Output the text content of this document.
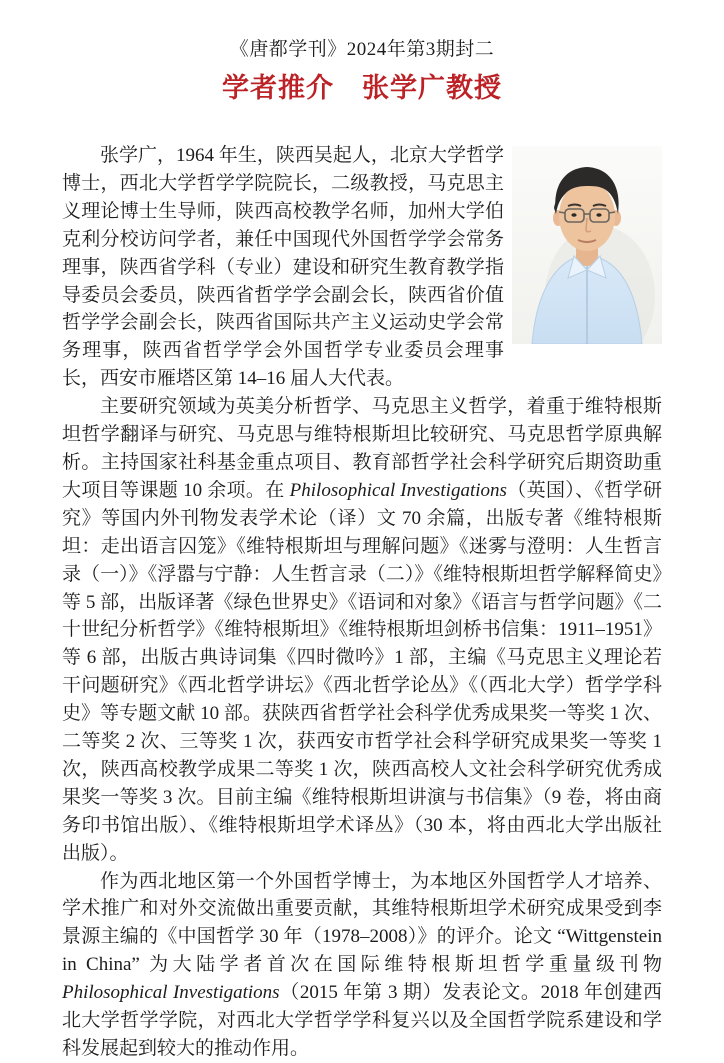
《唐都学刊》2024年第3期封二
学者推介　张学广教授

张学广，1964 年生，陕西吴起人，北京大学哲学博士，西北大学哲学学院院长，二级教授，马克思主义理论博士生导师，陕西高校教学名师，加州大学伯克利分校访问学者，兼任中国现代外国哲学学会常务理事，陕西省学科（专业）建设和研究生教育教学指导委员会委员，陕西省哲学学会副会长，陕西省价值哲学学会副会长，陕西省国际共产主义运动史学会常务理事，陕西省哲学学会外国哲学专业委员会理事长，西安市雁塔区第 14–16 届人大代表。

主要研究领域为英美分析哲学、马克思主义哲学，着重于维特根斯坦哲学翻译与研究、马克思与维特根斯坦比较研究、马克思哲学原典解析。主持国家社科基金重点项目、教育部哲学社会科学研究后期资助重大项目等课题 10 余项。在 Philosophical Investigations（英国）、《哲学研究》等国内外刊物发表学术论（译）文 70 余篇，出版专著《维特根斯坦：走出语言囚笼》《维特根斯坦与理解问题》《迷雾与澄明：人生哲言录（一）》《浮嚣与宁静：人生哲言录（二）》《维特根斯坦哲学解释简史》等 5 部，出版译著《绿色世界史》《语词和对象》《语言与哲学问题》《二十世纪分析哲学》《维特根斯坦》《维特根斯坦剑桥书信集：1911–1951》等 6 部，出版古典诗词集《四时微吟》1 部，主编《马克思主义理论若干问题研究》《西北哲学讲坛》《西北哲学论丛》《（西北大学）哲学学科史》等专题文献 10 部。获陕西省哲学社会科学优秀成果奖一等奖 1 次、二等奖 2 次、三等奖 1 次，获西安市哲学社会科学研究成果奖一等奖 1 次，陕西高校教学成果二等奖 1 次，陕西高校人文社会科学研究优秀成果奖一等奖 3 次。目前主编《维特根斯坦讲演与书信集》（9 卷，将由商务印书馆出版）、《维特根斯坦学术译丛》（30 本，将由西北大学出版社出版）。

作为西北地区第一个外国哲学博士，为本地区外国哲学人才培养、学术推广和对外交流做出重要贡献，其维特根斯坦学术研究成果受到李景源主编的《中国哲学 30 年（1978–2008）》的评介。论文 “Wittgenstein in China” 为大陆学者首次在国际维特根斯坦哲学重量级刊物 Philosophical Investigations（2015 年第 3 期）发表论文。2018 年创建西北大学哲学学院，对西北大学哲学学科复兴以及全国哲学院系建设和学科发展起到较大的推动作用。
